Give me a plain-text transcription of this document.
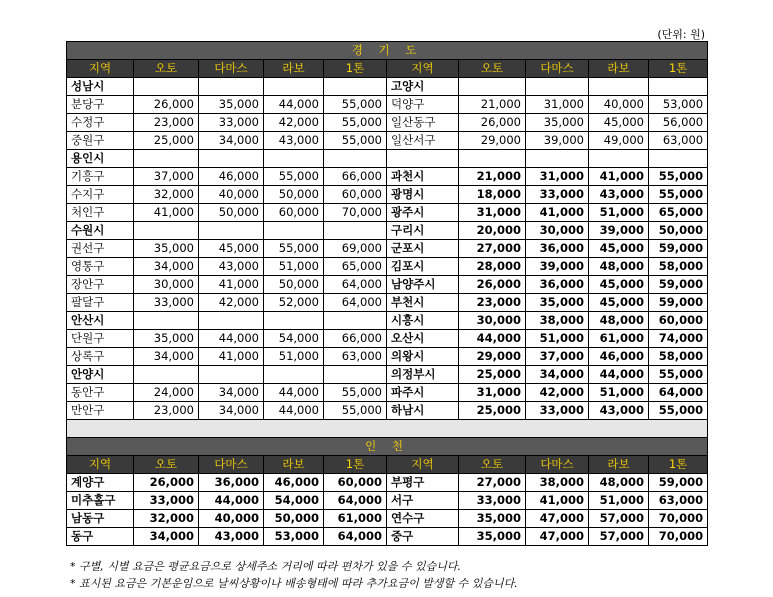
(단위: 원)
경 기 도									
지역	오토	다마스	라보	1톤	지역	오토	다마스	라보	1톤
성남시					고양시				
분당구	26,000	35,000	44,000	55,000	덕양구	21,000	31,000	40,000	53,000
수정구	23,000	33,000	42,000	55,000	일산동구	26,000	35,000	45,000	56,000
중원구	25,000	34,000	43,000	55,000	일산서구	29,000	39,000	49,000	63,000
용인시									
기흥구	37,000	46,000	55,000	66,000	과천시	21,000	31,000	41,000	55,000
수지구	32,000	40,000	50,000	60,000	광명시	18,000	33,000	43,000	55,000
처인구	41,000	50,000	60,000	70,000	광주시	31,000	41,000	51,000	65,000
수원시					구리시	20,000	30,000	39,000	50,000
권선구	35,000	45,000	55,000	69,000	군포시	27,000	36,000	45,000	59,000
영통구	34,000	43,000	51,000	65,000	김포시	28,000	39,000	48,000	58,000
장안구	30,000	41,000	50,000	64,000	남양주시	26,000	36,000	45,000	59,000
팔달구	33,000	42,000	52,000	64,000	부천시	23,000	35,000	45,000	59,000
안산시					시흥시	30,000	38,000	48,000	60,000
단원구	35,000	44,000	54,000	66,000	오산시	44,000	51,000	61,000	74,000
상록구	34,000	41,000	51,000	63,000	의왕시	29,000	37,000	46,000	58,000
안양시					의정부시	25,000	34,000	44,000	55,000
동안구	24,000	34,000	44,000	55,000	파주시	31,000	42,000	51,000	64,000
만안구	23,000	34,000	44,000	55,000	하남시	25,000	33,000	43,000	55,000

인 천									
지역	오토	다마스	라보	1톤	지역	오토	다마스	라보	1톤
계양구	26,000	36,000	46,000	60,000	부평구	27,000	38,000	48,000	59,000
미추홀구	33,000	44,000	54,000	64,000	서구	33,000	41,000	51,000	63,000
남동구	32,000	40,000	50,000	61,000	연수구	35,000	47,000	57,000	70,000
동구	34,000	43,000	53,000	64,000	중구	35,000	47,000	57,000	70,000
* 구별, 시별 요금은 평균요금으로 상세주소 거리에 따라 편차가 있을 수 있습니다.
* 표시된 요금은 기본운임으로 날씨상황이나 배송형태에 따라 추가요금이 발생할 수 있습니다.
